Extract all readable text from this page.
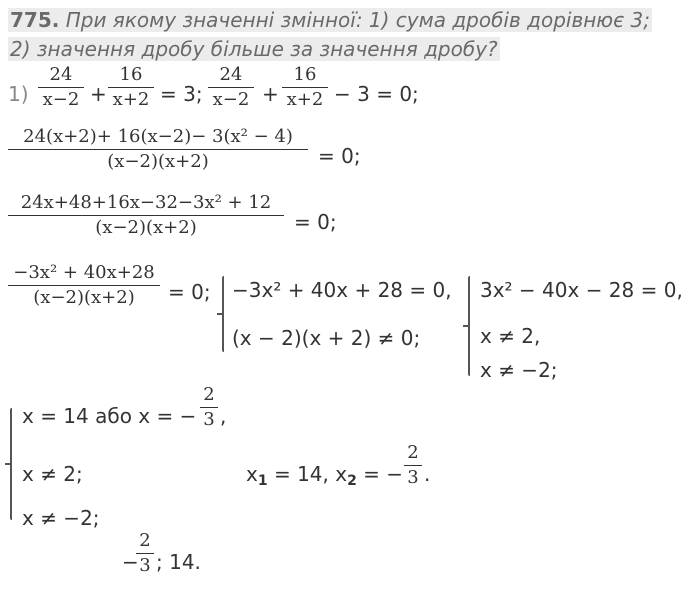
775. При якому значенні змінної: 1) сума дробів дорівнює 3;
2) значення дробу більше за значення дробу?
1)
24
x−2 +
16
x+2 = 3;
24
x−2 +
16
x+2 − 3 = 0;
24(x+2)+ 16(x−2)− 3(x² − 4)
(x−2)(x+2)	= 0;
24x+48+16x−32−3x² + 12
(x−2)(x+2)	= 0;
−3x² + 40x+28
(x−2)(x+2)	= 0; −3x² + 40x + 28 = 0,
(x − 2)(x + 2) ≠ 0;
3x² − 40x − 28 = 0,
x ≠ 2,
x ≠ −2;
x = 14 або x = −
2
3 ,
x ≠ 2;
x ≠ −2;
$x_1 = 14$, $x_2$ = −
2
3 .
−
2
3 ; 14.
